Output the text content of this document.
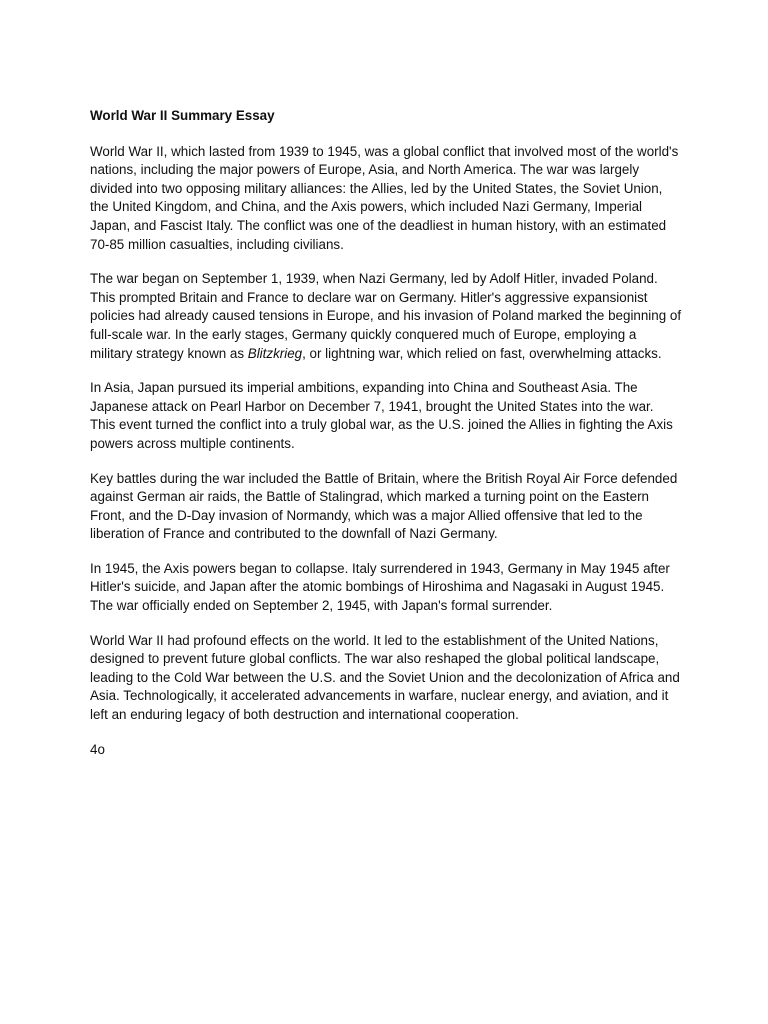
World War II Summary Essay

World War II, which lasted from 1939 to 1945, was a global conflict that involved most of the world's nations, including the major powers of Europe, Asia, and North America. The war was largely divided into two opposing military alliances: the Allies, led by the United States, the Soviet Union, the United Kingdom, and China, and the Axis powers, which included Nazi Germany, Imperial Japan, and Fascist Italy. The conflict was one of the deadliest in human history, with an estimated 70-85 million casualties, including civilians.

The war began on September 1, 1939, when Nazi Germany, led by Adolf Hitler, invaded Poland. This prompted Britain and France to declare war on Germany. Hitler's aggressive expansionist policies had already caused tensions in Europe, and his invasion of Poland marked the beginning of full-scale war. In the early stages, Germany quickly conquered much of Europe, employing a military strategy known as Blitzkrieg, or lightning war, which relied on fast, overwhelming attacks.

In Asia, Japan pursued its imperial ambitions, expanding into China and Southeast Asia. The Japanese attack on Pearl Harbor on December 7, 1941, brought the United States into the war. This event turned the conflict into a truly global war, as the U.S. joined the Allies in fighting the Axis powers across multiple continents.

Key battles during the war included the Battle of Britain, where the British Royal Air Force defended against German air raids, the Battle of Stalingrad, which marked a turning point on the Eastern Front, and the D-Day invasion of Normandy, which was a major Allied offensive that led to the liberation of France and contributed to the downfall of Nazi Germany.

In 1945, the Axis powers began to collapse. Italy surrendered in 1943, Germany in May 1945 after Hitler's suicide, and Japan after the atomic bombings of Hiroshima and Nagasaki in August 1945. The war officially ended on September 2, 1945, with Japan's formal surrender.

World War II had profound effects on the world. It led to the establishment of the United Nations, designed to prevent future global conflicts. The war also reshaped the global political landscape, leading to the Cold War between the U.S. and the Soviet Union and the decolonization of Africa and Asia. Technologically, it accelerated advancements in warfare, nuclear energy, and aviation, and it left an enduring legacy of both destruction and international cooperation.

4o
